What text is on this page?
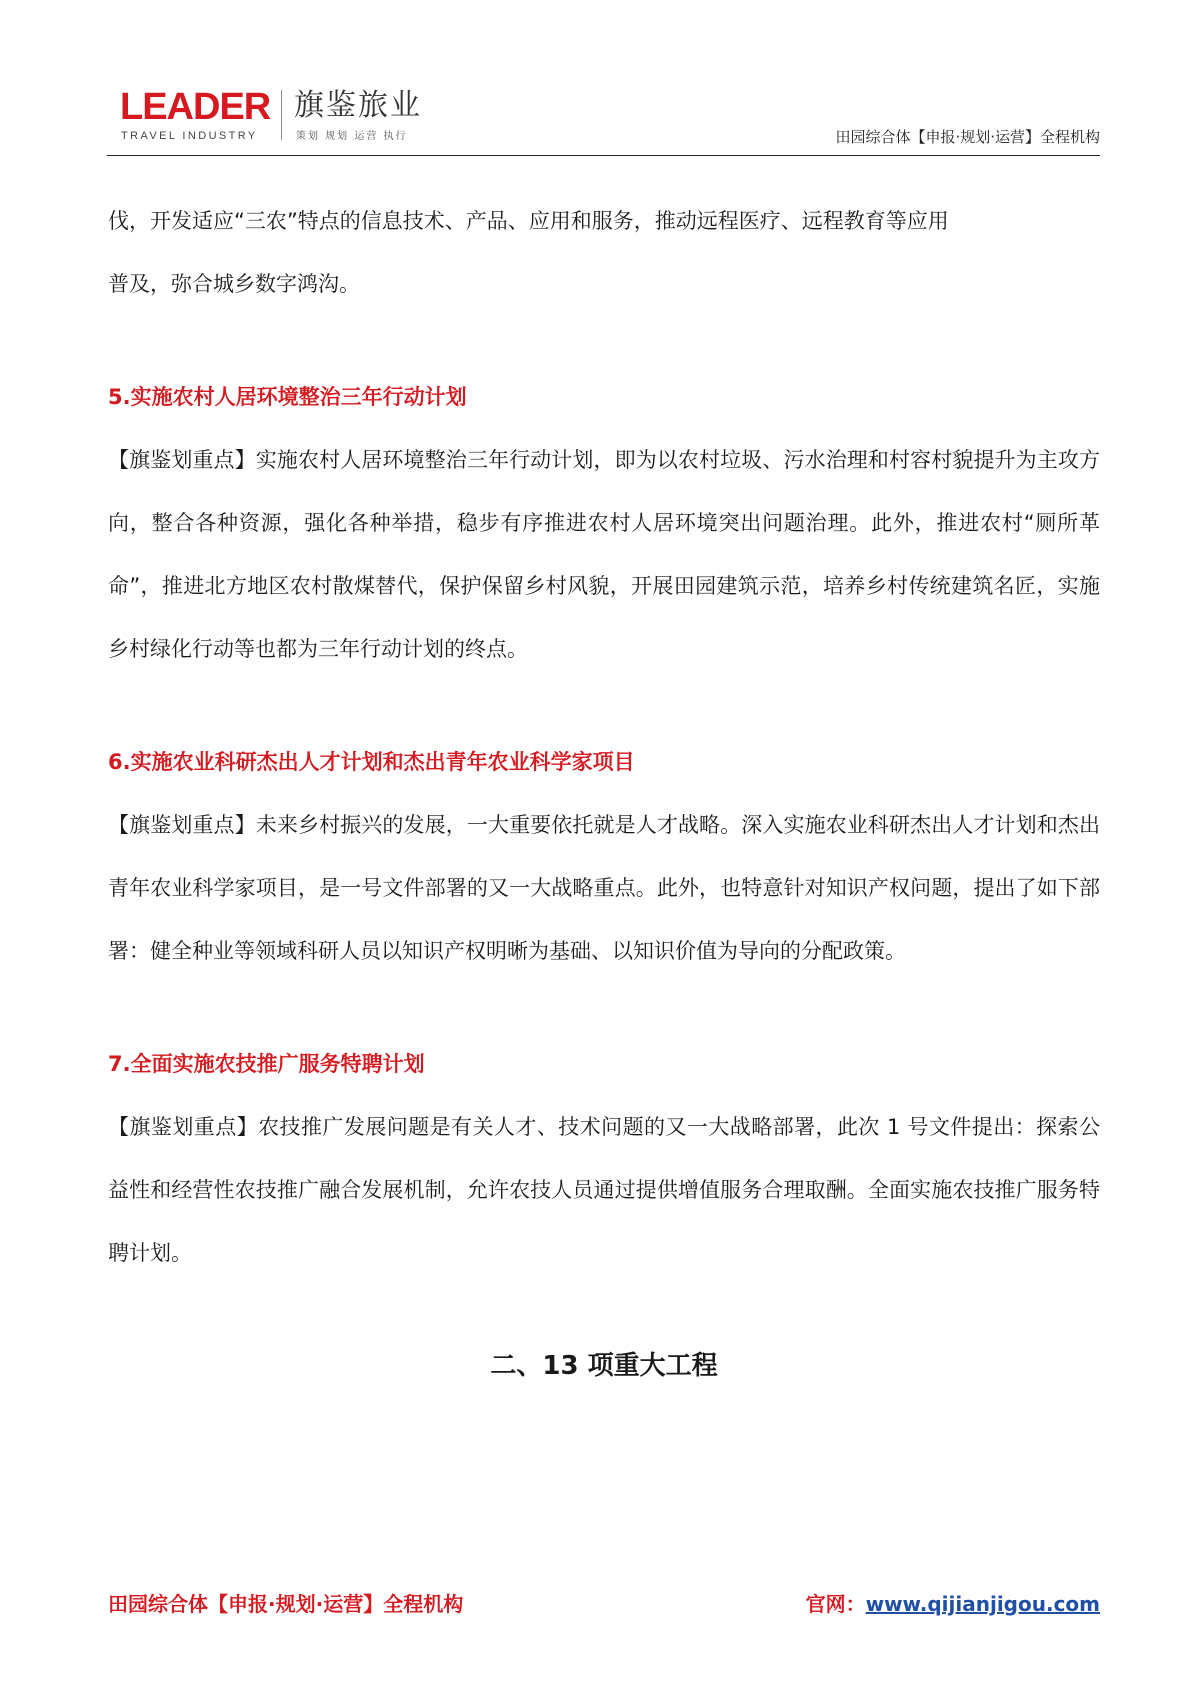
LEADER
TRAVEL INDUSTRY
旗鉴旅业
策划 规划 运营 执行	田园综合体【申报·规划·运营】全程机构

伐，开发适应“三农”特点的信息技术、产品、应用和服务，推动远程医疗、远程教育等应用

普及，弥合城乡数字鸿沟。

5.实施农村人居环境整治三年行动计划

【旗鉴划重点】实施农村人居环境整治三年行动计划，即为以农村垃圾、污水治理和村容村貌提升为主攻方向，整合各种资源，强化各种举措，稳步有序推进农村人居环境突出问题治理。此外，推进农村“厕所革命”，推进北方地区农村散煤替代，保护保留乡村风貌，开展田园建筑示范，培养乡村传统建筑名匠，实施乡村绿化行动等也都为三年行动计划的终点。

6.实施农业科研杰出人才计划和杰出青年农业科学家项目

【旗鉴划重点】未来乡村振兴的发展，一大重要依托就是人才战略。深入实施农业科研杰出人才计划和杰出青年农业科学家项目，是一号文件部署的又一大战略重点。此外，也特意针对知识产权问题，提出了如下部署：健全种业等领域科研人员以知识产权明晰为基础、以知识价值为导向的分配政策。

7.全面实施农技推广服务特聘计划

【旗鉴划重点】农技推广发展问题是有关人才、技术问题的又一大战略部署，此次 1 号文件提出：探索公益性和经营性农技推广融合发展机制，允许农技人员通过提供增值服务合理取酬。全面实施农技推广服务特聘计划。

二、13 项重大工程
田园综合体【申报·规划·运营】全程机构	官网：www.qijianjigou.com
